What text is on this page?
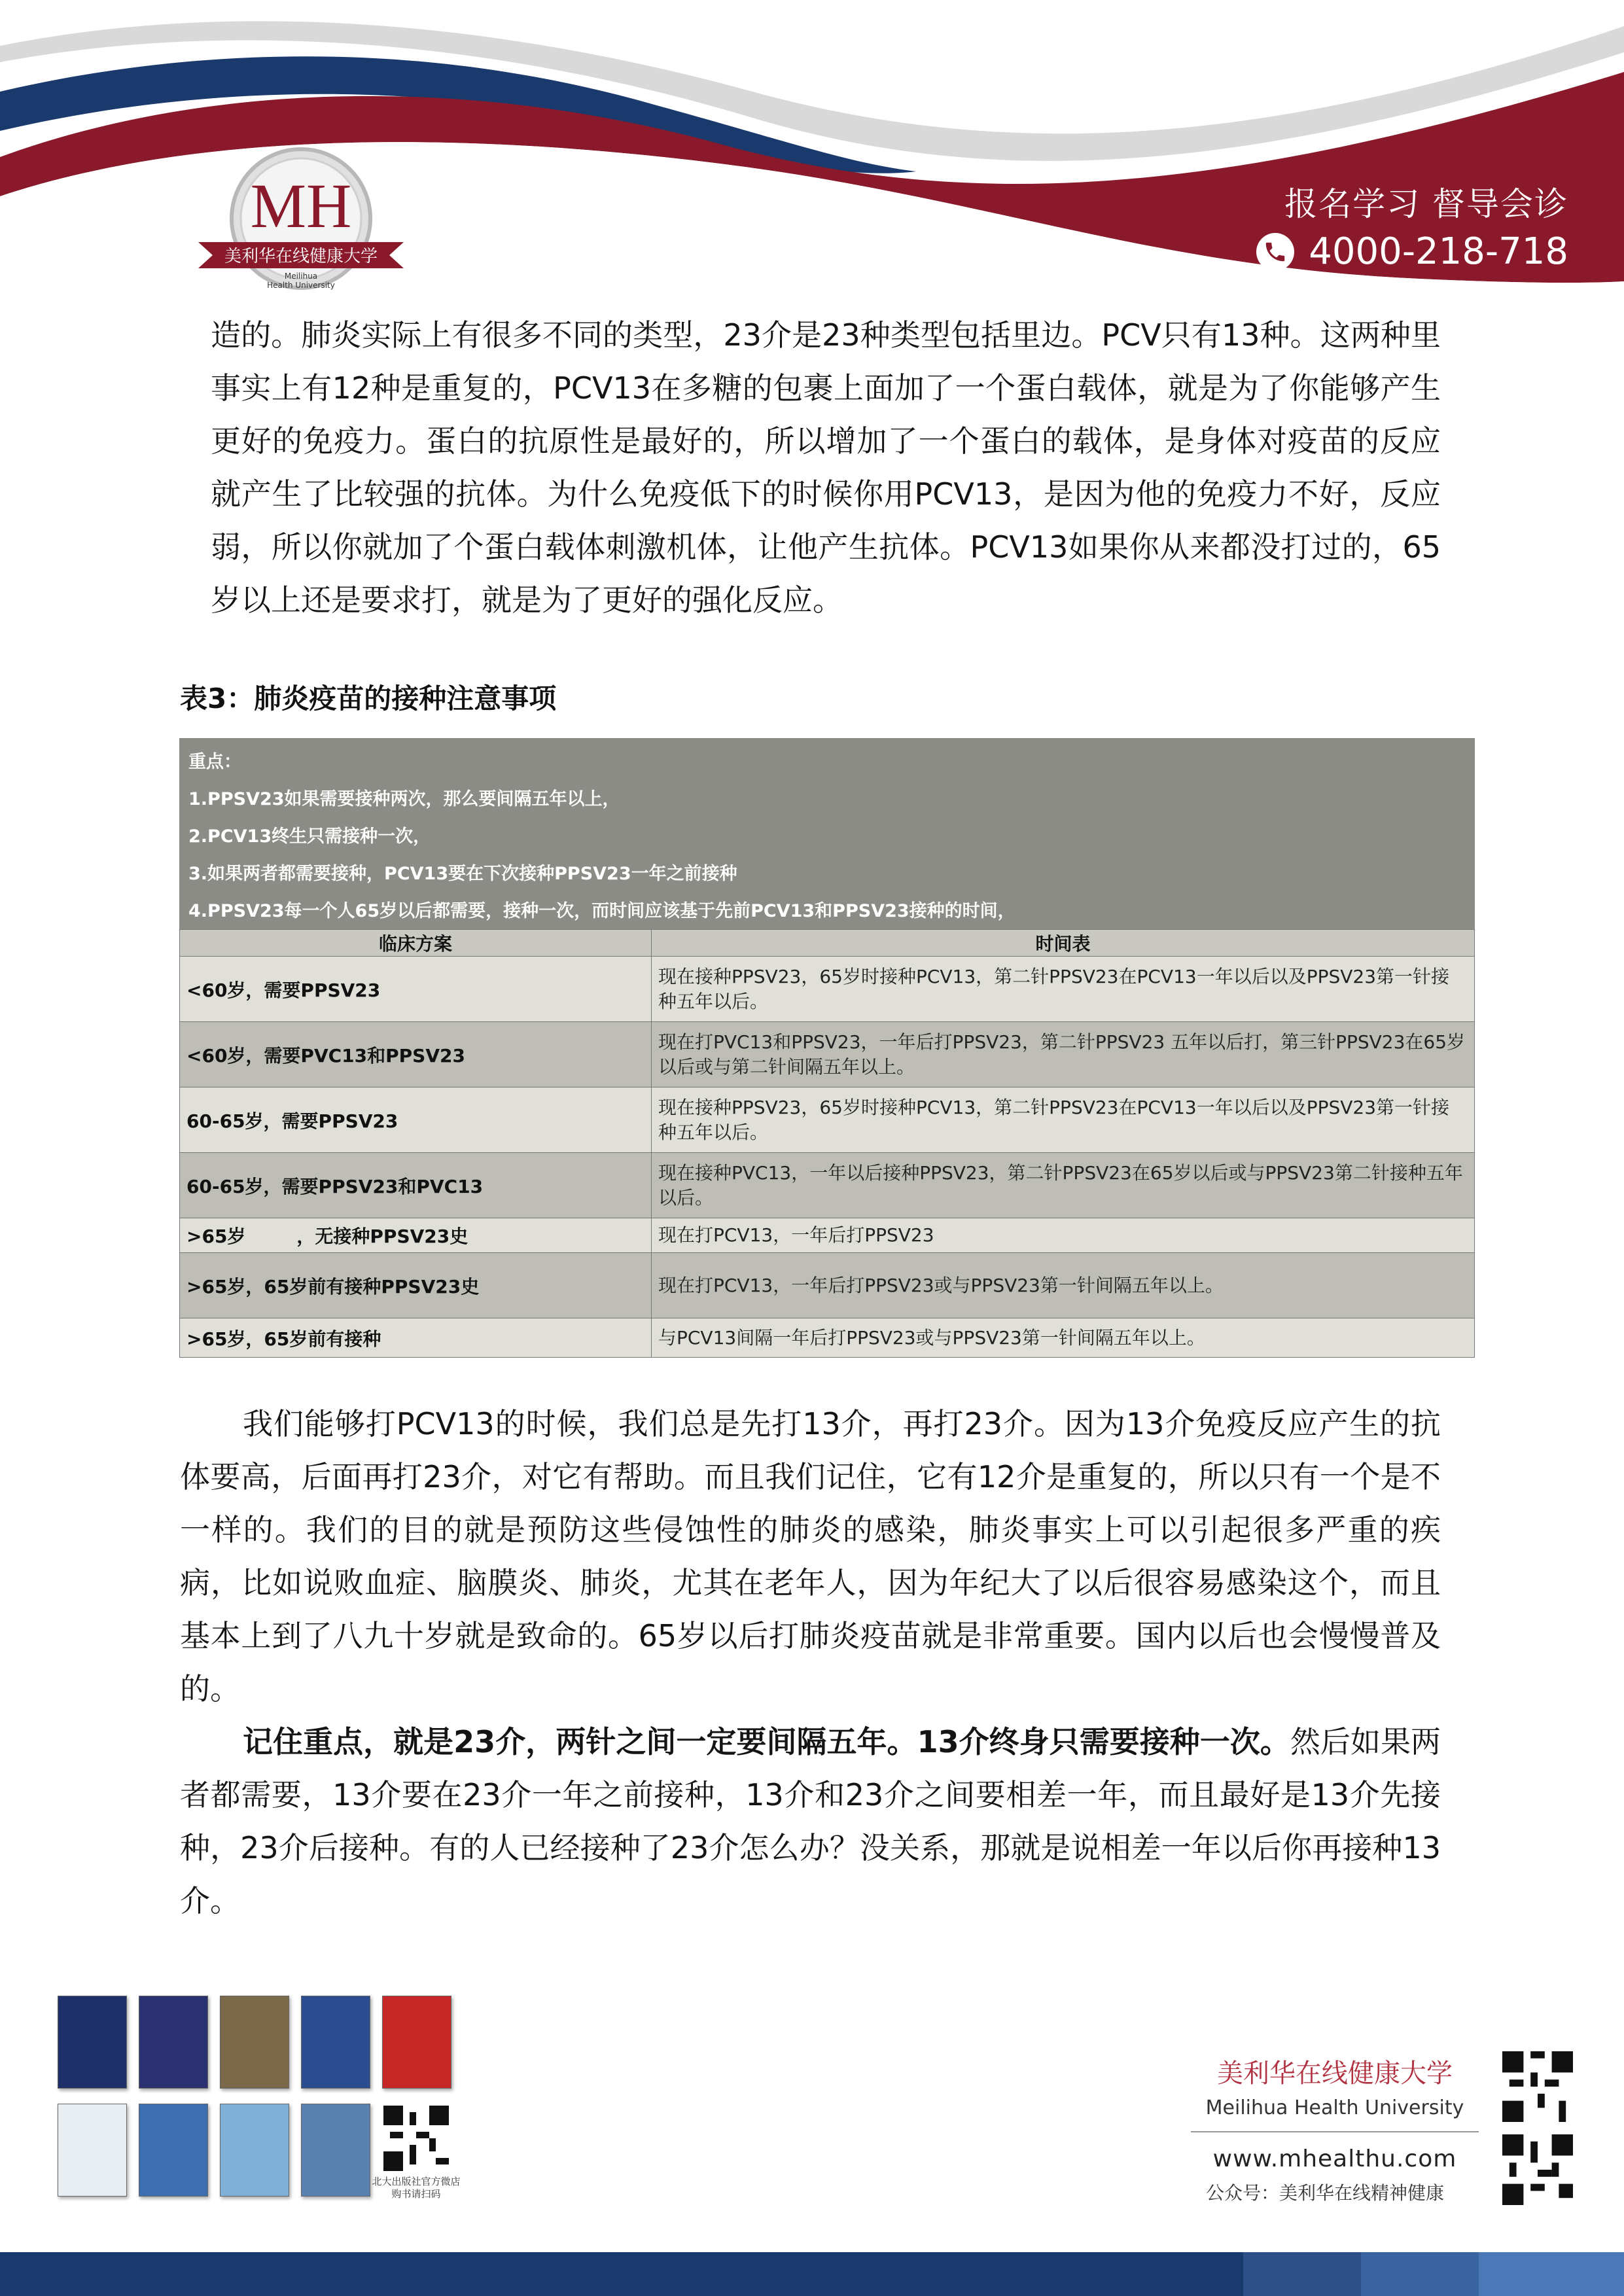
MH
美利华在线健康大学
Meilihua
Health University
报名学习 督导会诊
4000-218-718

造的。肺炎实际上有很多不同的类型，23介是23种类型包括里边。PCV只有13种。这两种里事实上有12种是重复的，PCV13在多糖的包裹上面加了一个蛋白载体，就是为了你能够产生更好的免疫力。蛋白的抗原性是最好的，所以增加了一个蛋白的载体，是身体对疫苗的反应就产生了比较强的抗体。为什么免疫低下的时候你用PCV13，是因为他的免疫力不好，反应弱，所以你就加了个蛋白载体刺激机体，让他产生抗体。PCV13如果你从来都没打过的，65岁以上还是要求打，就是为了更好的强化反应。

表3：肺炎疫苗的接种注意事项
重点：
1.PPSV23如果需要接种两次，那么要间隔五年以上，
2.PCV13终生只需接种一次，
3.如果两者都需要接种，PCV13要在下次接种PPSV23一年之前接种
4.PPSV23每一个人65岁以后都需要，接种一次，而时间应该基于先前PCV13和PPSV23接种的时间，
临床方案	时间表
<60岁，需要PPSV23	现在接种PPSV23，65岁时接种PCV13，第二针PPSV23在PCV13一年以后以及PPSV23第一针接种五年以后。
<60岁，需要PVC13和PPSV23	现在打PVC13和PPSV23，一年后打PPSV23，第二针PPSV23 五年以后打，第三针PPSV23在65岁以后或与第二针间隔五年以上。
60-65岁，需要PPSV23	现在接种PPSV23，65岁时接种PCV13，第二针PPSV23在PCV13一年以后以及PPSV23第一针接种五年以后。
60-65岁，需要PPSV23和PVC13	现在接种PVC13，一年以后接种PPSV23，第二针PPSV23在65岁以后或与PPSV23第二针接种五年以后。
>65岁        ，无接种PPSV23史	现在打PCV13，一年后打PPSV23
>65岁，65岁前有接种PPSV23史	现在打PCV13，一年后打PPSV23或与PPSV23第一针间隔五年以上。
>65岁，65岁前有接种	与PCV13间隔一年后打PPSV23或与PPSV23第一针间隔五年以上。

我们能够打PCV13的时候，我们总是先打13介，再打23介。因为13介免疫反应产生的抗体要高，后面再打23介，对它有帮助。而且我们记住，它有12介是重复的，所以只有一个是不一样的。我们的目的就是预防这些侵蚀性的肺炎的感染，肺炎事实上可以引起很多严重的疾病，比如说败血症、脑膜炎、肺炎，尤其在老年人，因为年纪大了以后很容易感染这个，而且基本上到了八九十岁就是致命的。65岁以后打肺炎疫苗就是非常重要。国内以后也会慢慢普及的。

记住重点，就是23介，两针之间一定要间隔五年。13介终身只需要接种一次。然后如果两者都需要，13介要在23介一年之前接种，13介和23介之间要相差一年，而且最好是13介先接种，23介后接种。有的人已经接种了23介怎么办？没关系，那就是说相差一年以后你再接种13介。

北大出版社官方微店
购书请扫码
美利华在线健康大学
Meilihua Health University
www.mhealthu.com
公众号：美利华在线精神健康
